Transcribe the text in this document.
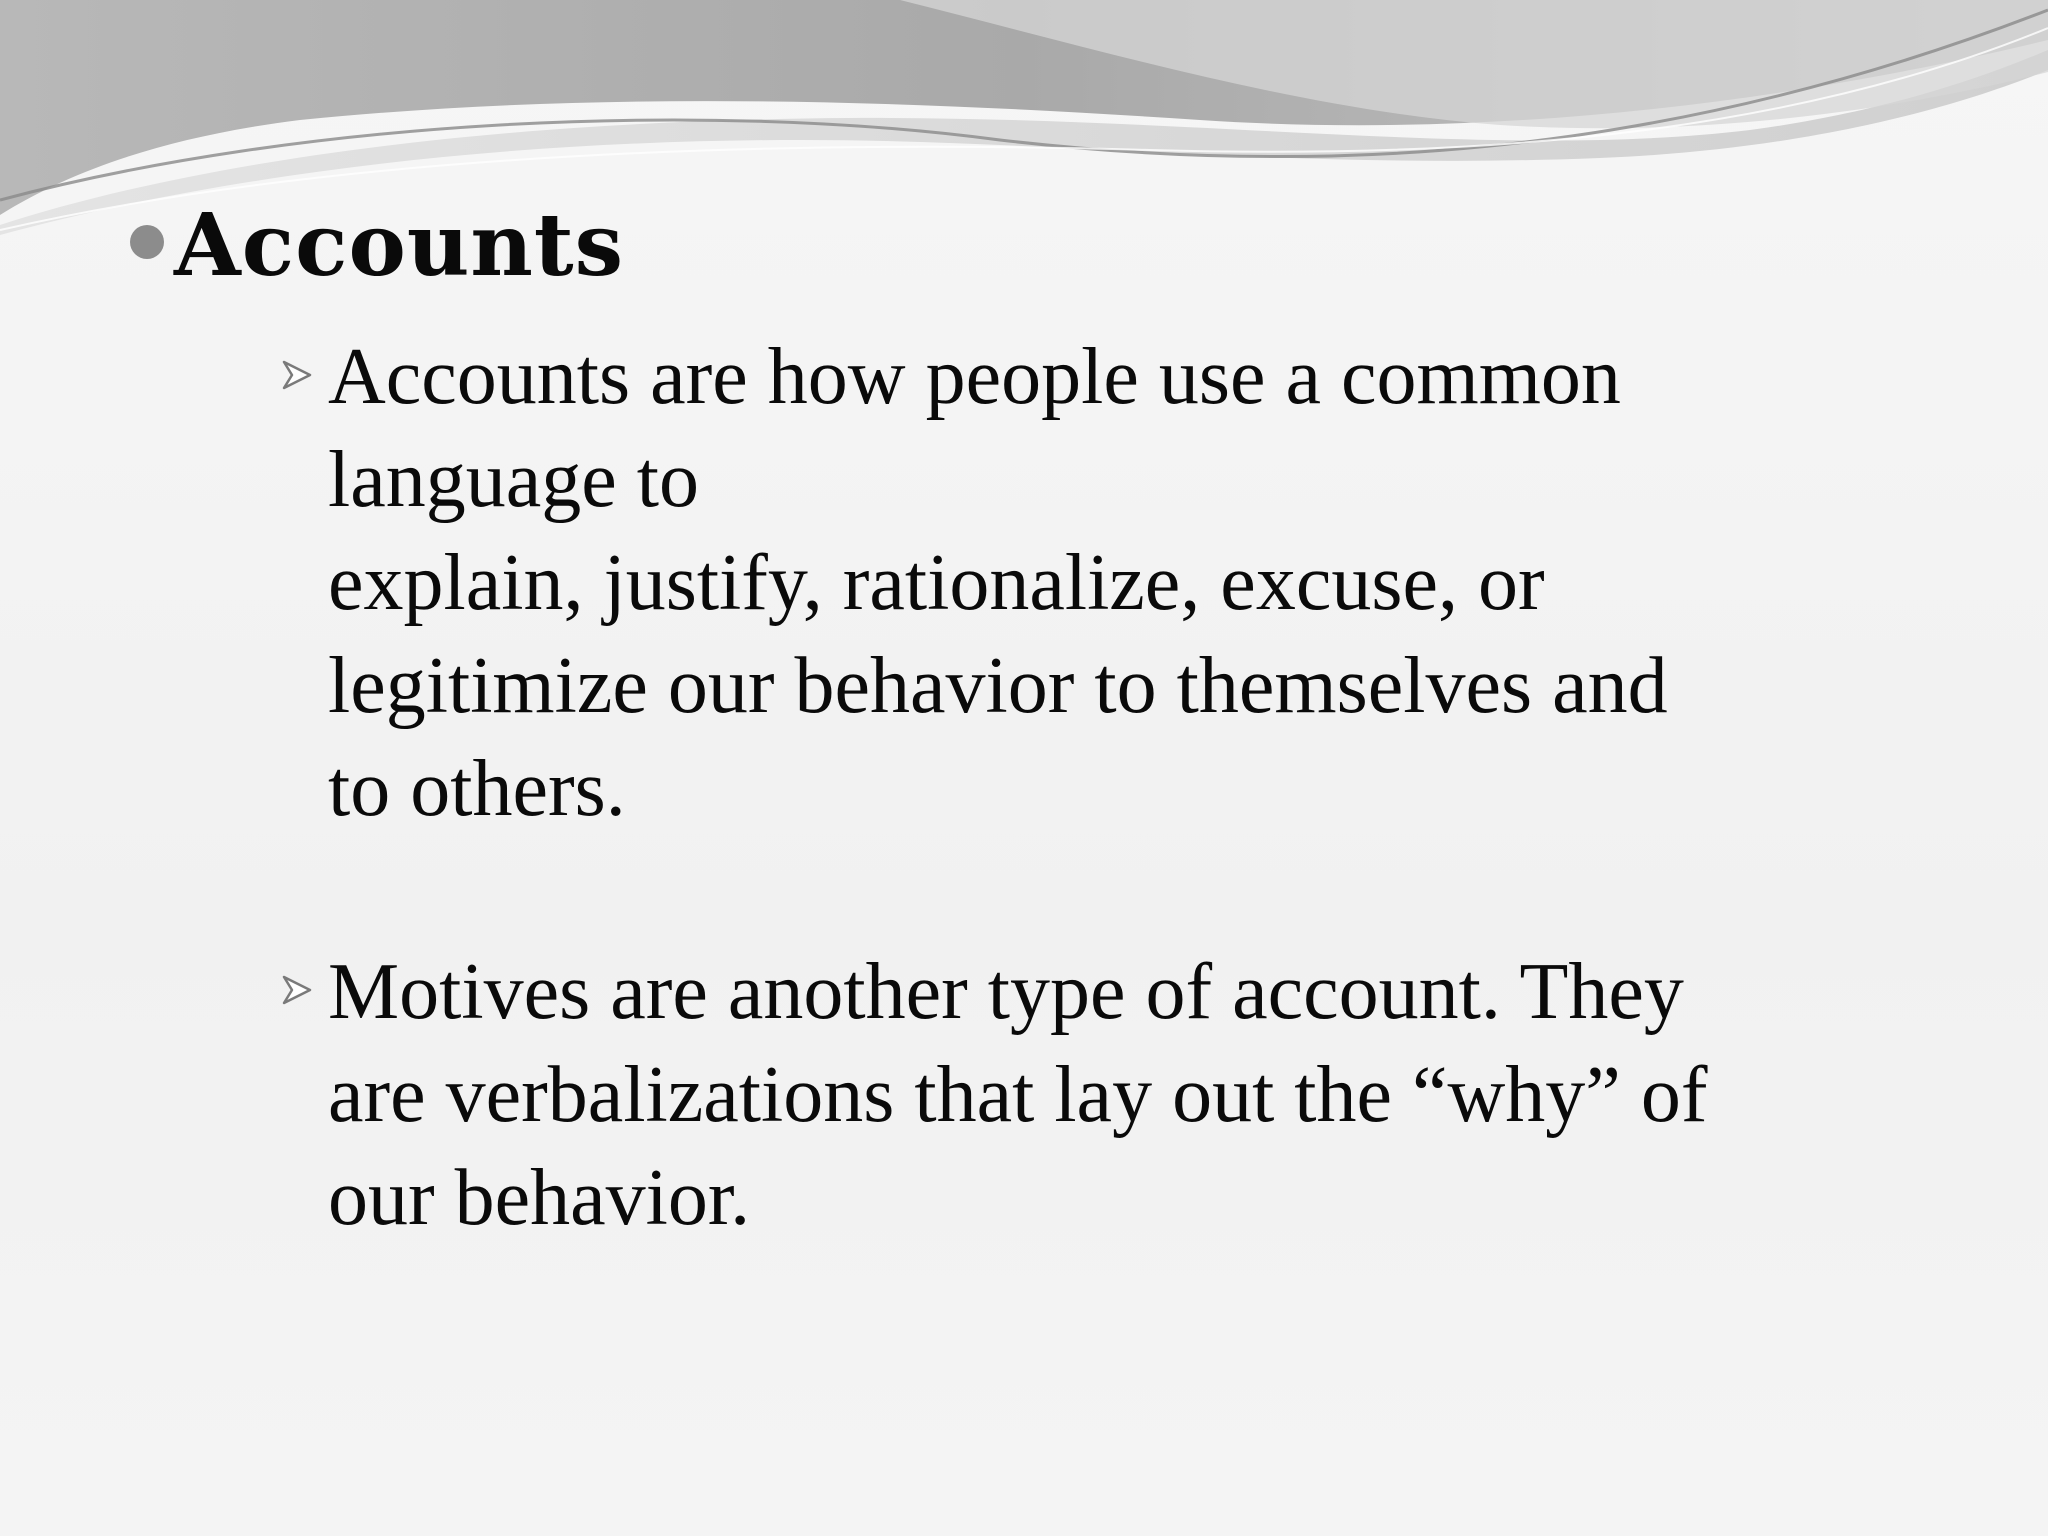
Accounts

Accounts are how people use a common
language to
explain, justify, rationalize, excuse, or
legitimize our behavior to themselves and
to others.

Motives are another type of account. They
are verbalizations that lay out the “why” of
our behavior.
